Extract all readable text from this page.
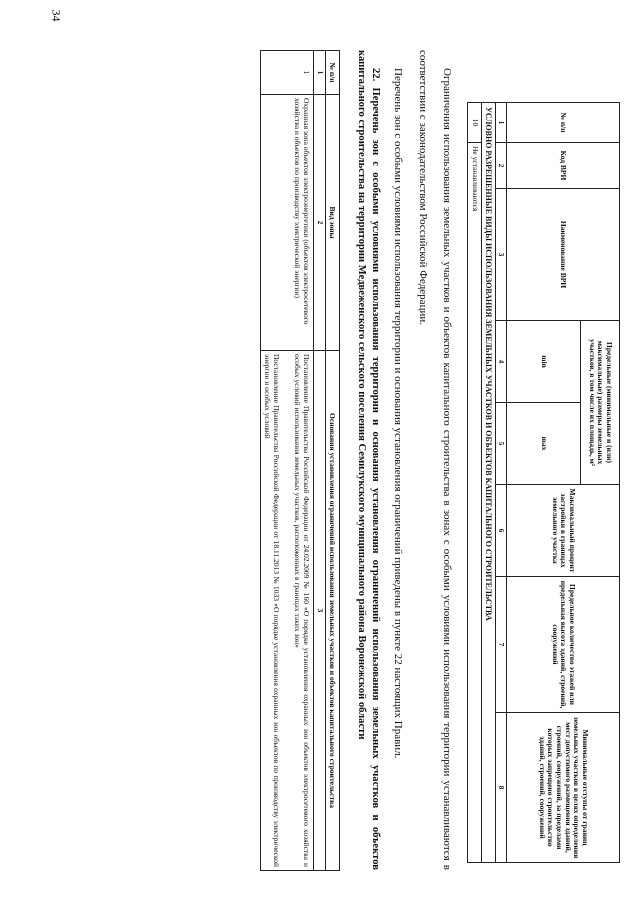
34
№ п/п	Код ВРИ	Наименование ВРИ	Предельные (минимальные и (или) максимальные) размеры земельных участков, в том числе их площадь, м²		Максимальный процент застройки в границах земельного участка	Предельное количество этажей или предельная высота зданий, строений, сооружений	Минимальные отступы от границ земельных участков в целях определения мест допустимого размещения зданий, строений, сооружений, за пределами которых запрещено строительство зданий, строений, сооружений
			min	max			
1	2	3	4	5	6	7	8
УСЛОВНО РАЗРЕШЕННЫЕ ВИДЫ ИСПОЛЬЗОВАНИЯ ЗЕМЕЛЬНЫХ УЧАСТКОВ И ОБЪЕКТОВ КАПИТАЛЬНОГО СТРОИТЕЛЬСТВА							
10	Не устанавливаются						

Ограничения использования земельных участков и объектов капитального строительства в зонах с особыми условиями использования территории устанавливаются в соответствии с законодательством Российской Федерации.

Перечень зон с особыми условиями использования территории и основания установления ограничений приведены в пункте 22 настоящих Правил.

22. Перечень зон с особыми условиями использования территории и основания установления ограничений использования земельных участков и объектов капитального строительства на территории Медвеженского сельского поселения Семилукского муниципального района Воронежской области

№ п/п	Вид зоны	Основания установления ограничений использования земельных участков и объектов капитального строительства
1	2	3
1	Охранная зона объектов электроэнергетики (объектов электросетевого хозяйства и объектов по производству электрической энергии)	Постановление Правительства Российской Федерации от 24.02.2009 № 160 «О порядке установления охранных зон объектов электросетевого хозяйства и особых условий использования земельных участков, расположенных в границах таких зон»
Постановление Правительства Российской Федерации от 18.11.2013 № 1033 «О порядке установления охранных зон объектов по производству электрической энергии и особых условий
